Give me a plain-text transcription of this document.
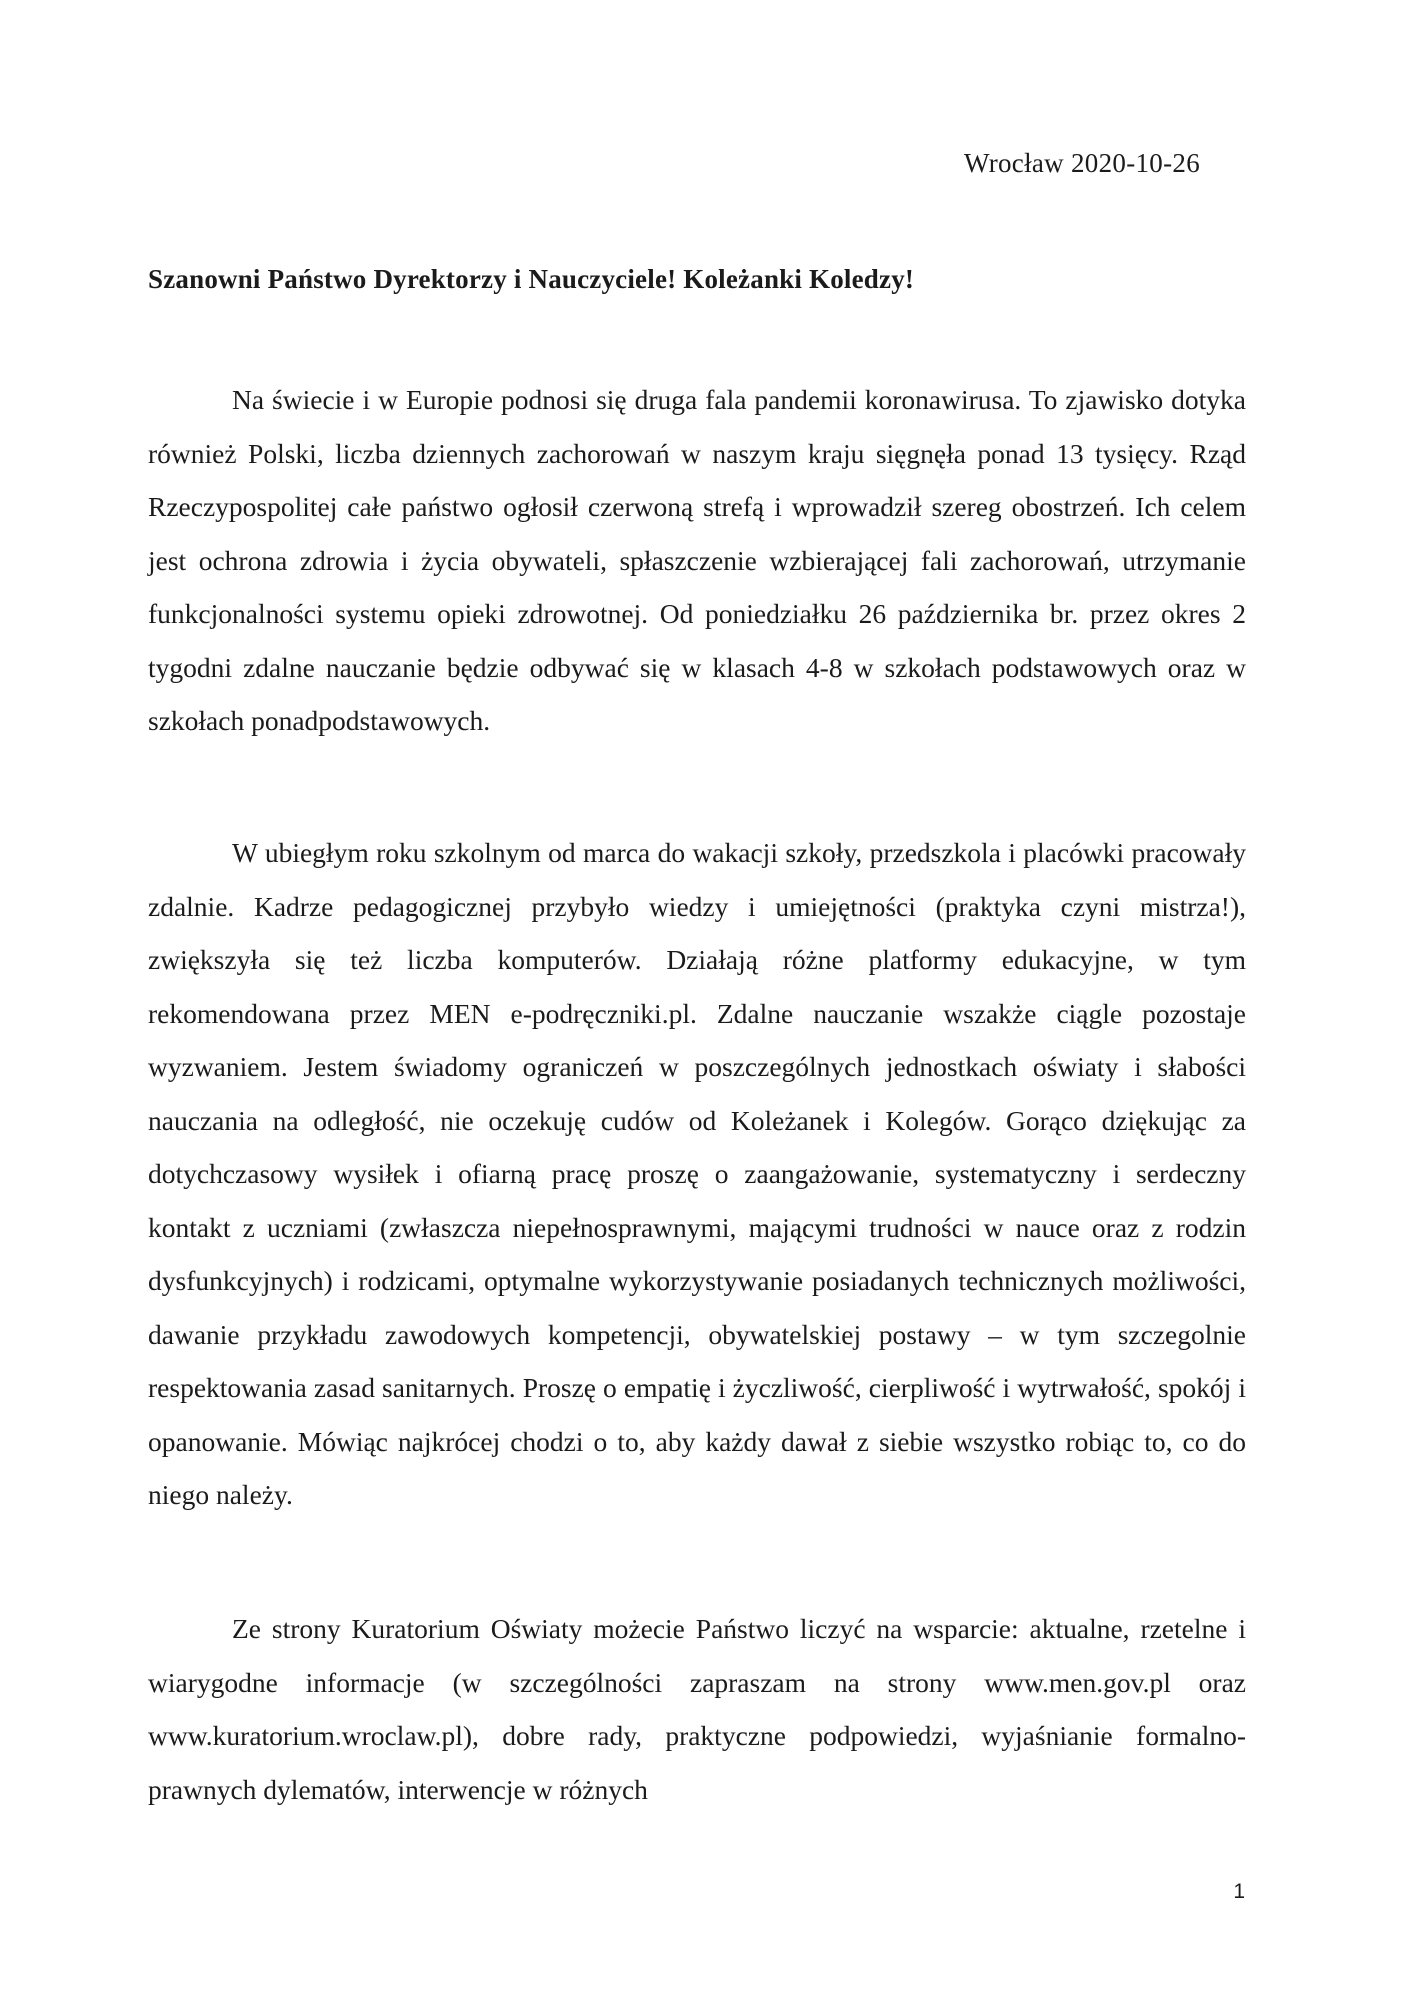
Wrocław 2020-10-26
Szanowni Państwo Dyrektorzy i Nauczyciele! Koleżanki Koledzy!

Na świecie i w Europie podnosi się druga fala pandemii koronawirusa. To zjawisko dotyka również Polski, liczba dziennych zachorowań w naszym kraju sięgnęła ponad 13 tysięcy. Rząd Rzeczypospolitej całe państwo ogłosił czerwoną strefą i wprowadził szereg obostrzeń. Ich celem jest ochrona zdrowia i życia obywateli, spłaszczenie wzbierającej fali zachorowań, utrzymanie funkcjonalności systemu opieki zdrowotnej. Od poniedziałku 26 października br. przez okres 2 tygodni zdalne nauczanie będzie odbywać się w klasach 4-8 w szkołach podstawowych oraz w szkołach ponadpodstawowych.

W ubiegłym roku szkolnym od marca do wakacji szkoły, przedszkola i placówki pracowały zdalnie. Kadrze pedagogicznej przybyło wiedzy i umiejętności (praktyka czyni mistrza!), zwiększyła się też liczba komputerów. Działają różne platformy edukacyjne, w tym rekomendowana przez MEN e-podręczniki.pl. Zdalne nauczanie wszakże ciągle pozostaje wyzwaniem. Jestem świadomy ograniczeń w poszczególnych jednostkach oświaty i słabości nauczania na odległość, nie oczekuję cudów od Koleżanek i Kolegów. Gorąco dziękując za dotychczasowy wysiłek i ofiarną pracę proszę o zaangażowanie, systematyczny i serdeczny kontakt z uczniami (zwłaszcza niepełnosprawnymi, mającymi trudności w nauce oraz z rodzin dysfunkcyjnych) i rodzicami, optymalne wykorzystywanie posiadanych technicznych możliwości, dawanie przykładu zawodowych kompetencji, obywatelskiej postawy – w tym szczegolnie respektowania zasad sanitarnych. Proszę o empatię i życzliwość, cierpliwość i wytrwałość, spokój i opanowanie. Mówiąc najkrócej chodzi o to, aby każdy dawał z siebie wszystko robiąc to, co do niego należy.

Ze strony Kuratorium Oświaty możecie Państwo liczyć na wsparcie: aktualne, rzetelne i wiarygodne informacje (w szczególności zapraszam na strony www.men.gov.pl oraz www.kuratorium.wroclaw.pl), dobre rady, praktyczne podpowiedzi, wyjaśnianie formalno-prawnych dylematów, interwencje w różnych

1
